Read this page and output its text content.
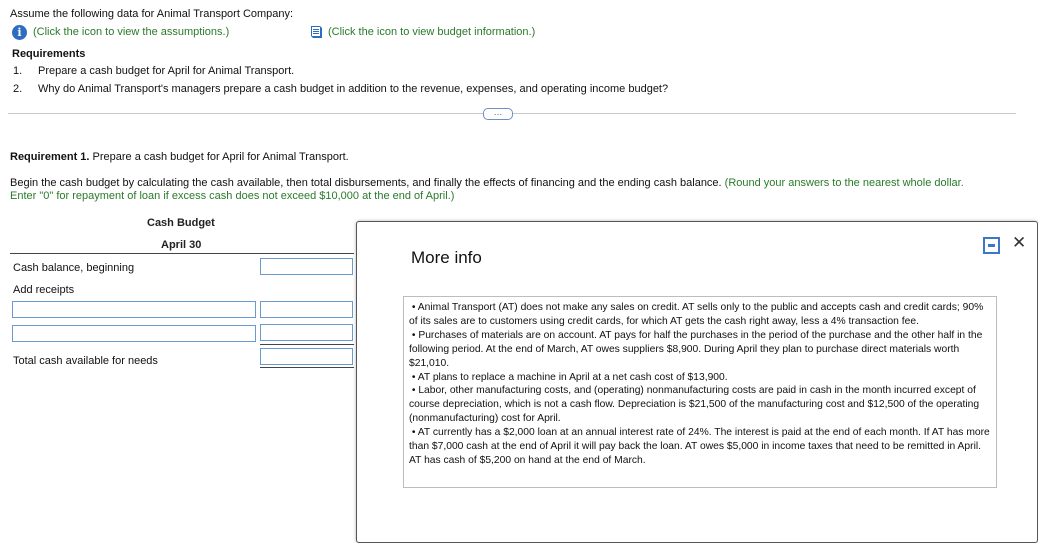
Assume the following data for Animal Transport Company:
i	(Click the icon to view the assumptions.)	(Click the icon to view budget information.)
Requirements
1. Prepare a cash budget for April for Animal Transport.
2. Why do Animal Transport's managers prepare a cash budget in addition to the revenue, expenses, and operating income budget?
…
Requirement 1. Prepare a cash budget for April for Animal Transport.
Begin the cash budget by calculating the cash available, then total disbursements, and finally the effects of financing and the ending cash balance. (Round your answers to the nearest whole dollar.
Enter "0" for repayment of loan if excess cash does not exceed $10,000 at the end of April.)
Cash Budget
April 30
Cash balance, beginning
Add receipts
Total cash available for needs
More info
✕

• Animal Transport (AT) does not make any sales on credit. AT sells only to the public and accepts cash and credit cards; 90% of its sales are to customers using credit cards, for which AT gets the cash right away, less a 4% transaction fee.

• Purchases of materials are on account. AT pays for half the purchases in the period of the purchase and the other half in the following period. At the end of March, AT owes suppliers $8,900. During April they plan to purchase direct materials worth $21,010.

• AT plans to replace a machine in April at a net cash cost of $13,900.

• Labor, other manufacturing costs, and (operating) nonmanufacturing costs are paid in cash in the month incurred except of course depreciation, which is not a cash flow. Depreciation is $21,500 of the manufacturing cost and $12,500 of the operating (nonmanufacturing) cost for April.

• AT currently has a $2,000 loan at an annual interest rate of 24%. The interest is paid at the end of each month. If AT has more than $7,000 cash at the end of April it will pay back the loan. AT owes $5,000 in income taxes that need to be remitted in April. AT has cash of $5,200 on hand at the end of March.
